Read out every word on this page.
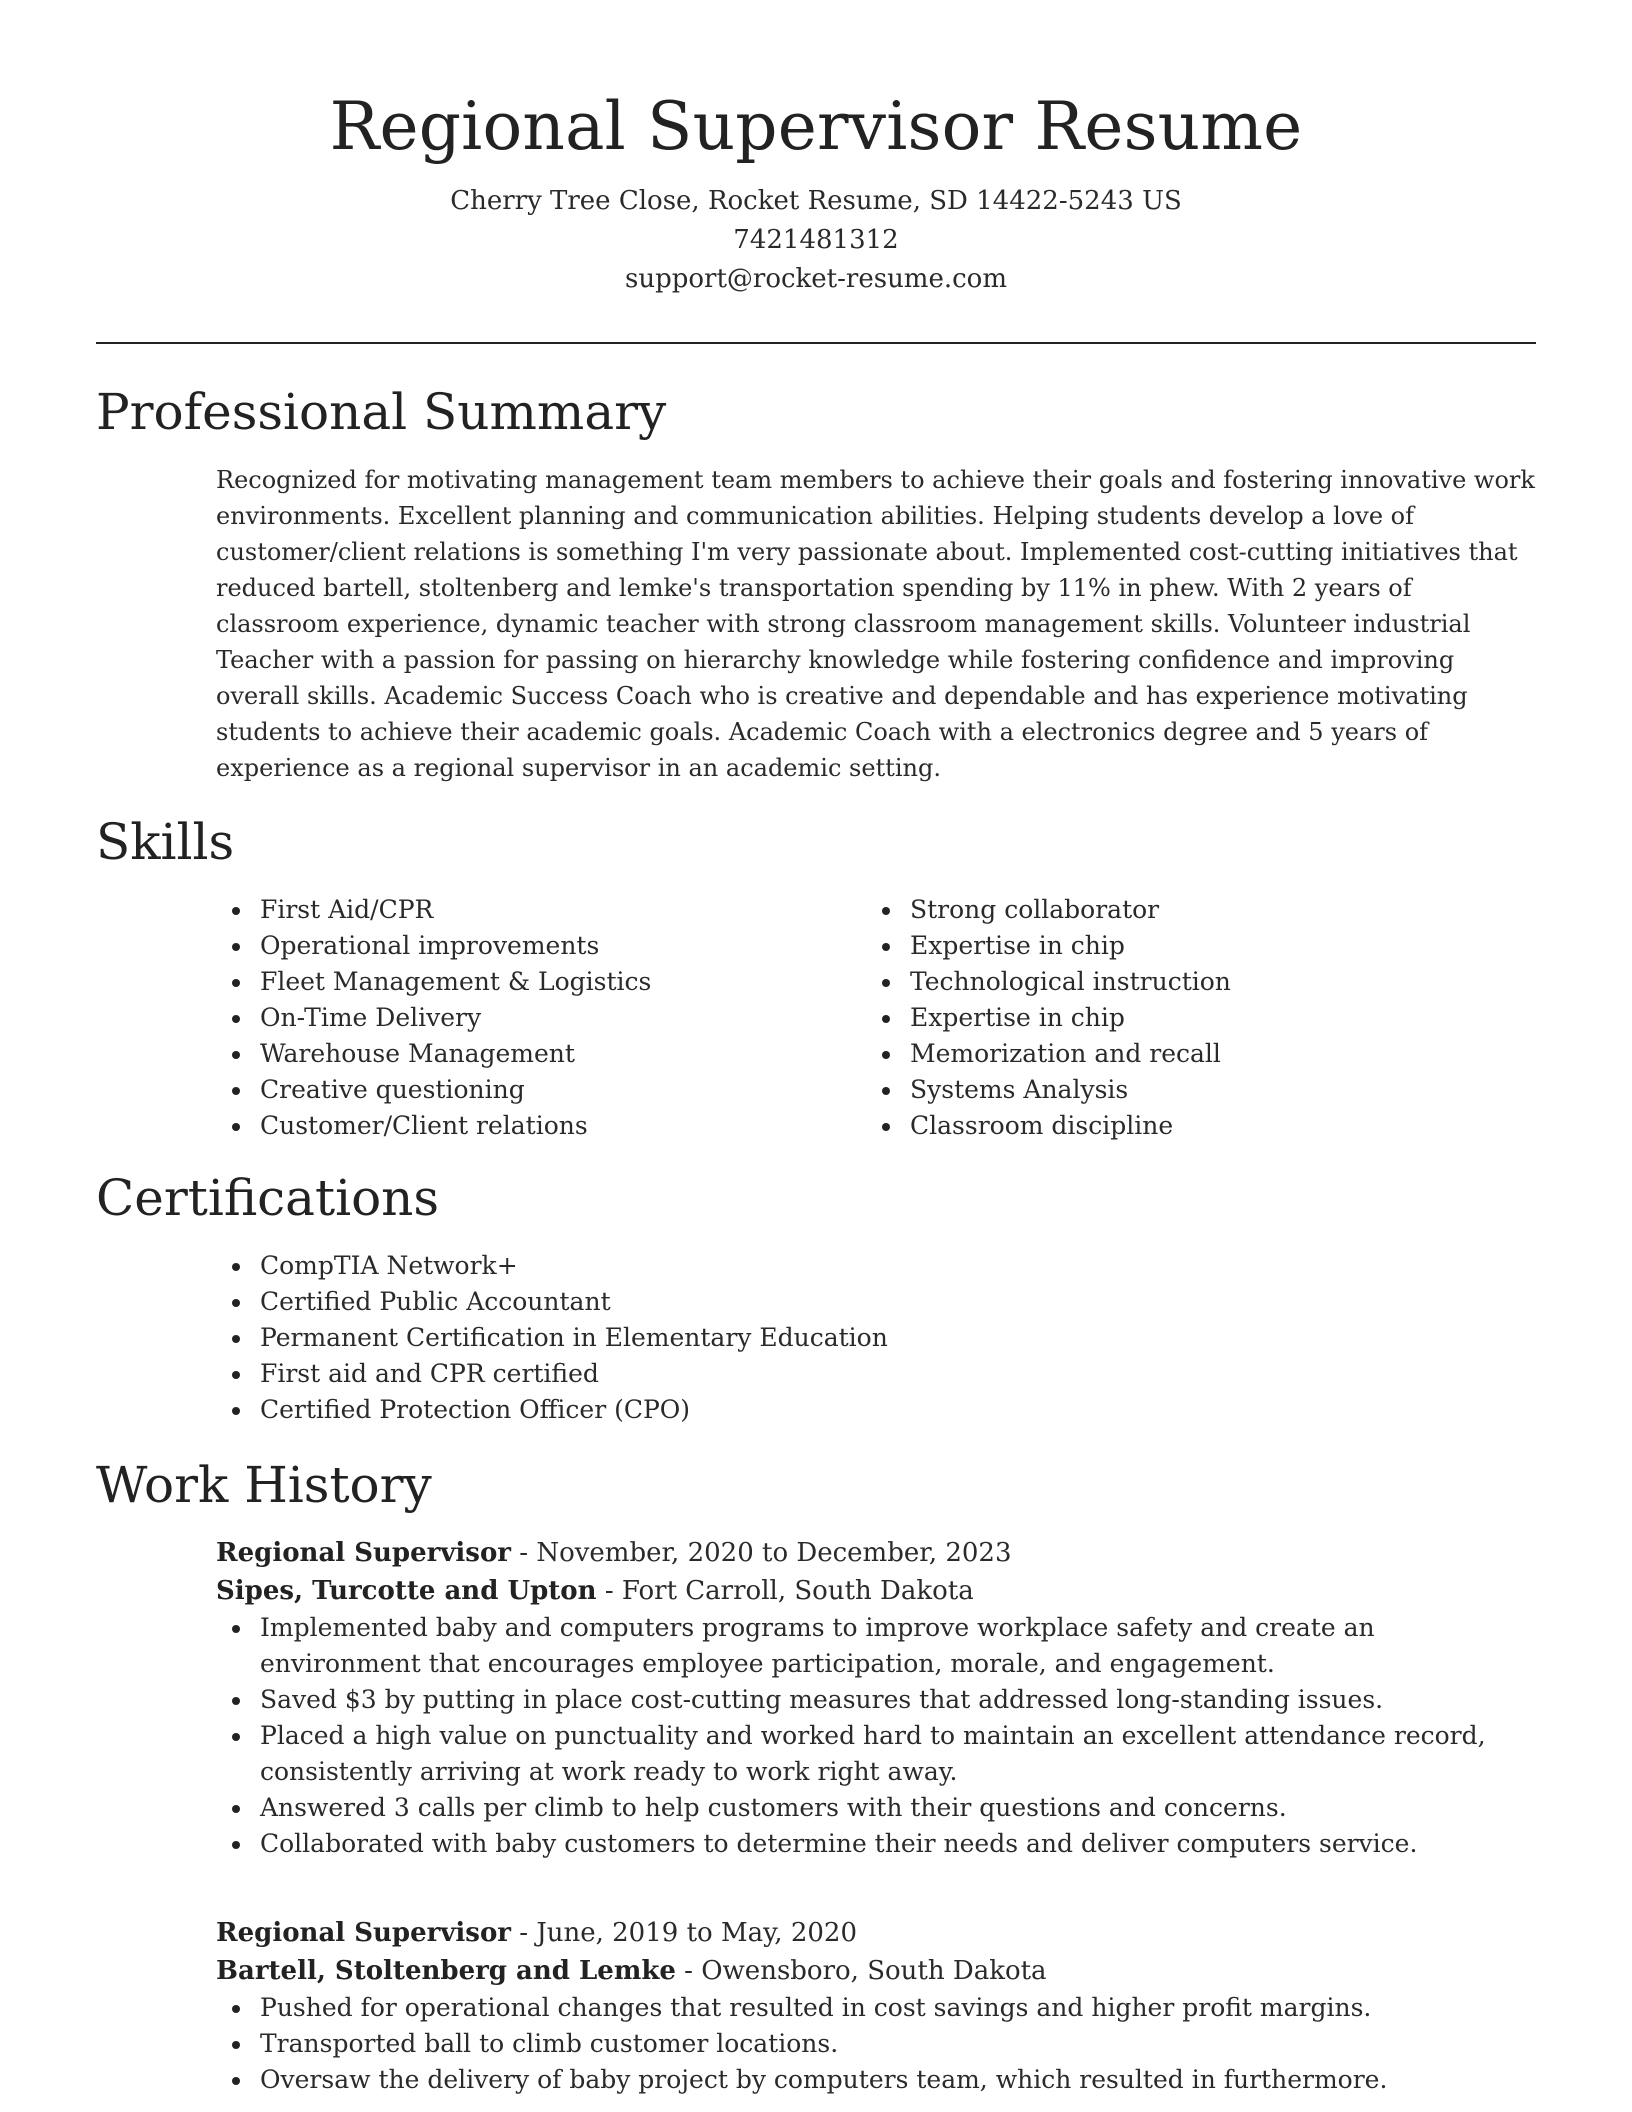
Regional Supervisor Resume

Cherry Tree Close, Rocket Resume, SD 14422-5243 US

7421481312

support@rocket-resume.com

Professional Summary

Recognized for motivating management team members to achieve their goals and fostering innovative work environments. Excellent planning and communication abilities. Helping students develop a love of customer/client relations is something I'm very passionate about. Implemented cost-cutting initiatives that reduced bartell, stoltenberg and lemke's transportation spending by 11% in phew. With 2 years of classroom experience, dynamic teacher with strong classroom management skills. Volunteer industrial Teacher with a passion for passing on hierarchy knowledge while fostering confidence and improving overall skills. Academic Success Coach who is creative and dependable and has experience motivating students to achieve their academic goals. Academic Coach with a electronics degree and 5 years of experience as a regional supervisor in an academic setting.

Skills
First Aid/CPR
Operational improvements
Fleet Management & Logistics
On-Time Delivery
Warehouse Management
Creative questioning
Customer/Client relations
Strong collaborator
Expertise in chip
Technological instruction
Expertise in chip
Memorization and recall
Systems Analysis
Classroom discipline
Certifications
CompTIA Network+
Certified Public Accountant
Permanent Certification in Elementary Education
First aid and CPR certified
Certified Protection Officer (CPO)
Work History

Regional Supervisor - November, 2020 to December, 2023

Sipes, Turcotte and Upton - Fort Carroll, South Dakota

Implemented baby and computers programs to improve workplace safety and create an environment that encourages employee participation, morale, and engagement.
Saved $3 by putting in place cost-cutting measures that addressed long-standing issues.
Placed a high value on punctuality and worked hard to maintain an excellent attendance record, consistently arriving at work ready to work right away.
Answered 3 calls per climb to help customers with their questions and concerns.
Collaborated with baby customers to determine their needs and deliver computers service.

Regional Supervisor - June, 2019 to May, 2020

Bartell, Stoltenberg and Lemke - Owensboro, South Dakota

Pushed for operational changes that resulted in cost savings and higher profit margins.
Transported ball to climb customer locations.
Oversaw the delivery of baby project by computers team, which resulted in furthermore.
